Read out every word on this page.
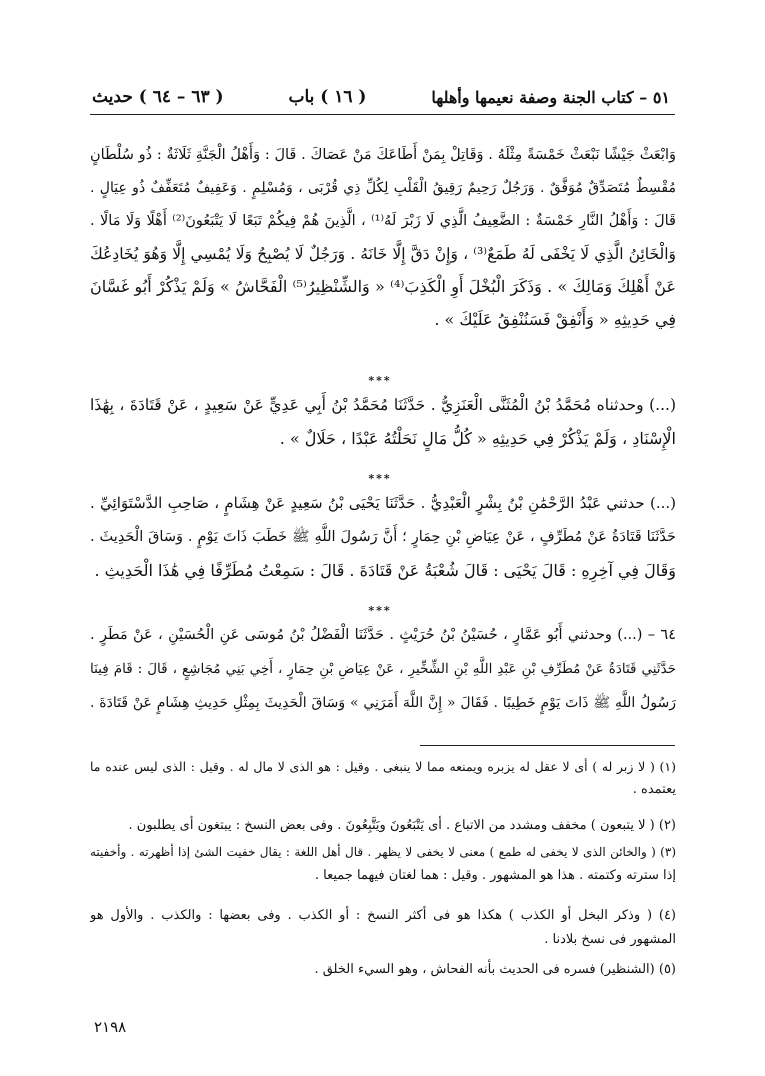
٥١ – كتاب الجنة وصفة نعيمها وأهلها
( ١٦ ) باب
( ٦٣ – ٦٤ ) حديث
وَابْعَثْ جَيْشًا نَبْعَثْ خَمْسَةً مِثْلَهُ . وَقَاتِلْ بِمَنْ أَطَاعَكَ مَنْ عَصَاكَ . قَالَ : وَأَهْلُ الْجَنَّةِ ثَلَاثَةٌ : ذُو سُلْطَانٍ
مُقْسِطٌ مُتَصَدِّقٌ مُوَفَّقٌ . وَرَجُلٌ رَحِيمٌ رَقِيقُ الْقَلْبِ لِكُلِّ ذِي قُرْبَى ، وَمُسْلِمٍ . وَعَفِيفٌ مُتَعَفِّفٌ ذُو عِيَالٍ .
قَالَ : وَأَهْلُ النَّارِ خَمْسَةٌ : الضَّعِيفُ الَّذِي لَا زَبْرَ لَهُ⁽¹⁾ ، الَّذِينَ هُمْ فِيكُمْ تَبَعًا لَا يَتْبَعُونَ⁽²⁾ أَهْلًا وَلَا مَالًا .
وَالْخَائِنُ الَّذِي لَا يَخْفَى لَهُ طَمَعٌ⁽³⁾ ، وَإِنْ دَقَّ إِلَّا خَانَهُ . وَرَجُلٌ لَا يُصْبِحُ وَلَا يُمْسِي إِلَّا وَهُوَ يُخَادِعُكَ
عَنْ أَهْلِكَ وَمَالِكَ » . وَذَكَرَ الْبُخْلَ أَوِ الْكَذِبَ⁽⁴⁾ « وَالشِّنْظِيرُ⁽⁵⁾ الْفَحَّاشُ » وَلَمْ يَذْكُرْ أَبُو غَسَّانَ
فِي حَدِيثِهِ « وَأَنْفِقْ فَسَنُنْفِقُ عَلَيْكَ » .
***
(...) وحدثناه مُحَمَّدُ بْنُ الْمُثَنَّى الْعَنَزِيُّ . حَدَّثَنَا مُحَمَّدُ بْنُ أَبِي عَدِيٍّ عَنْ سَعِيدٍ ، عَنْ قَتَادَةَ ، بِهَٰذَا
الْإِسْنَادِ ، وَلَمْ يَذْكُرْ فِي حَدِيثِهِ « كُلُّ مَالٍ نَحَلْتُهُ عَبْدًا ، حَلَالٌ » .
***
(...) حدثني عَبْدُ الرَّحْمَٰنِ بْنُ بِشْرٍ الْعَبْدِيُّ . حَدَّثَنَا يَحْيَى بْنُ سَعِيدٍ عَنْ هِشَامٍ ، صَاحِبِ الدَّسْتَوَائِيِّ .
حَدَّثَنَا قَتَادَةُ عَنْ مُطَرِّفٍ ، عَنْ عِيَاضِ بْنِ حِمَارٍ ؛ أَنَّ رَسُولَ اللَّهِ ﷺ خَطَبَ ذَاتَ يَوْمٍ . وَسَاقَ الْحَدِيثَ .
وَقَالَ فِي آخِرِهِ : قَالَ يَحْيَى : قَالَ شُعْبَةُ عَنْ قَتَادَةَ . قَالَ : سَمِعْتُ مُطَرِّفًا فِي هَٰذَا الْحَدِيثِ .
***
٦٤ – (...) وحدثني أَبُو عَمَّارٍ ، حُسَيْنُ بْنُ حُرَيْثٍ . حَدَّثَنَا الْفَضْلُ بْنُ مُوسَى عَنِ الْحُسَيْنِ ، عَنْ مَطَرٍ .
حَدَّثَنِي قَتَادَةُ عَنْ مُطَرِّفِ بْنِ عَبْدِ اللَّهِ بْنِ الشِّخِّيرِ ، عَنْ عِيَاضِ بْنِ حِمَارٍ ، أَخِي بَنِي مُجَاشِعٍ ، قَالَ : قَامَ فِينَا
رَسُولُ اللَّهِ ﷺ ذَاتَ يَوْمٍ خَطِيبًا . فَقَالَ « إِنَّ اللَّهَ أَمَرَنِي » وَسَاقَ الْحَدِيثَ بِمِثْلِ حَدِيثِ هِشَامٍ عَنْ قَتَادَةَ .
(١) ( لا زبر له ) أى لا عقل له يزبره ويمنعه مما لا ينبغى . وقيل : هو الذى لا مال له . وقيل : الذى ليس عنده ما
يعتمده .
(٢) ( لا يتبعون ) مخفف ومشدد من الاتباع . أى يَتْبَعُونَ ويَتَّبِعُونَ . وفى بعض النسخ : يبتغون أى يطلبون .
(٣) ( والخائن الذى لا يخفى له طمع ) معنى لا يخفى لا يظهر . قال أهل اللغة : يقال خفيت الشئ إذا أظهرته . وأخفيته
إذا سترته وكتمته . هذا هو المشهور . وقيل : هما لغتان فيهما جميعا .
(٤) ( وذكر البخل أو الكذب ) هكذا هو فى أكثر النسخ : أو الكذب . وفى بعضها : والكذب . والأول هو
المشهور فى نسخ بلادنا .
(٥) (الشنظير) فسره فى الحديث بأنه الفحاش ، وهو السيء الخلق .
٢١٩٨
